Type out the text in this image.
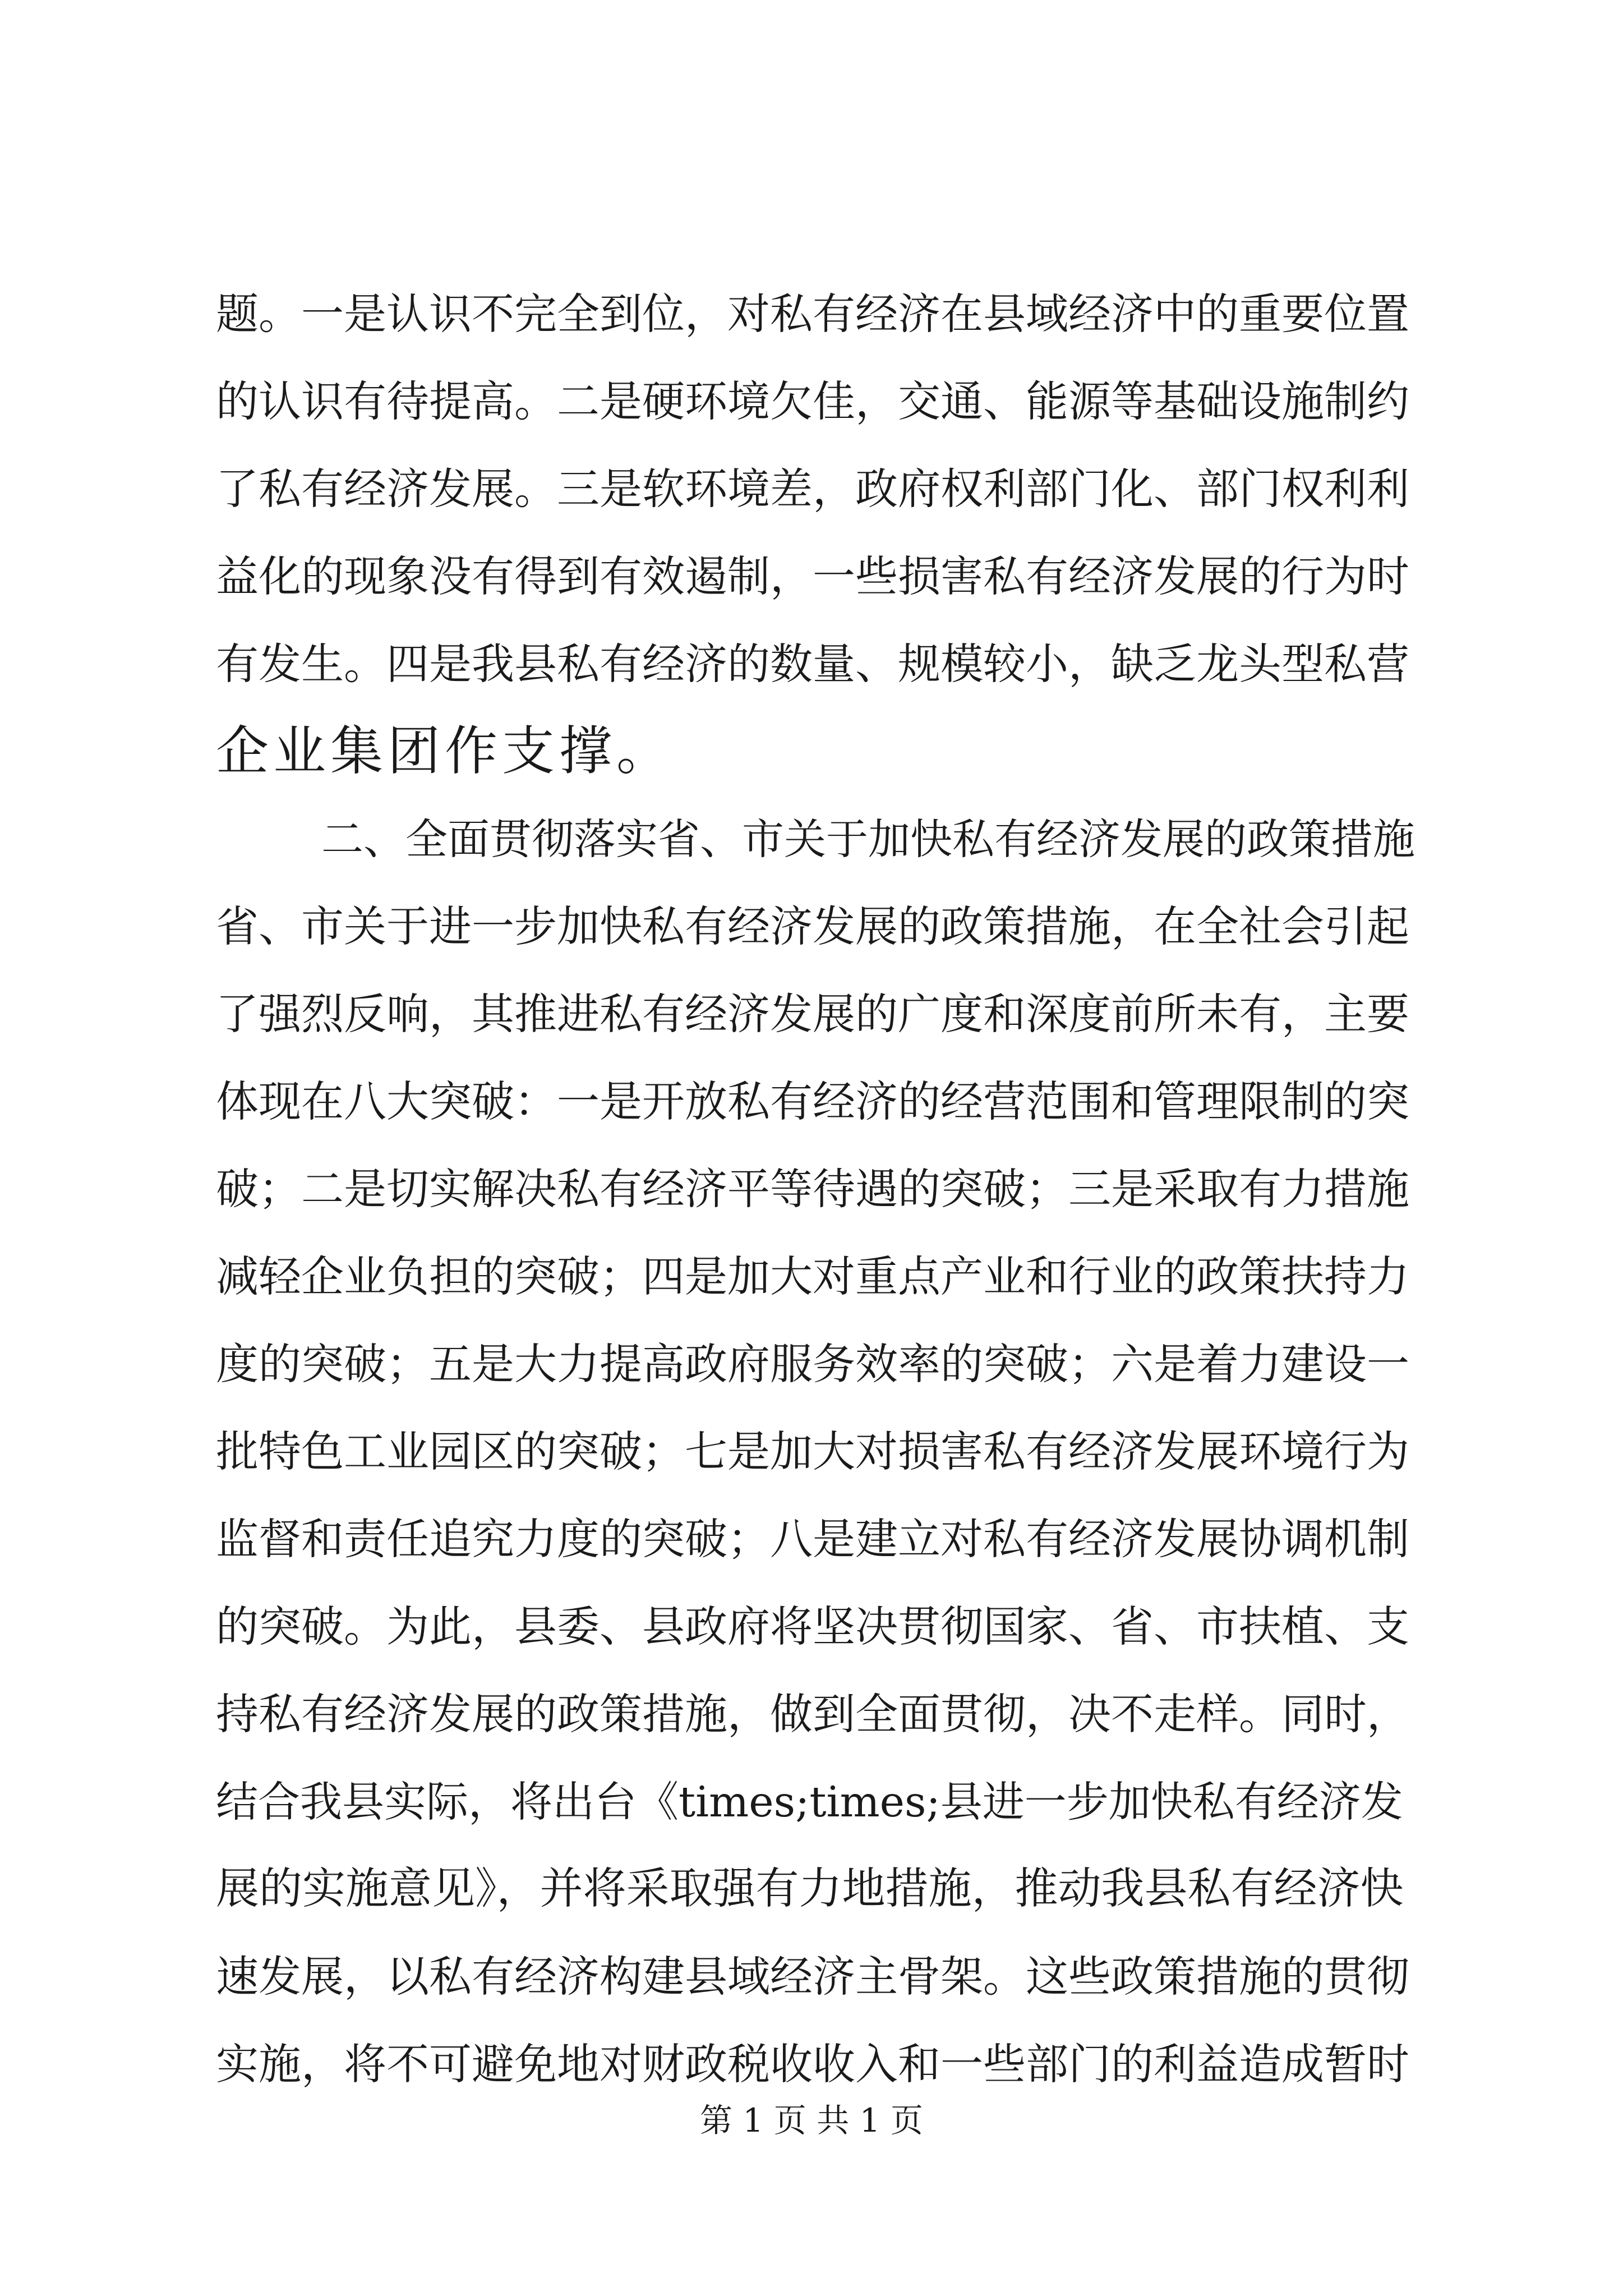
题。一是认识不完全到位，对私有经济在县域经济中的重要位置
的认识有待提高。二是硬环境欠佳，交通、能源等基础设施制约
了私有经济发展。三是软环境差，政府权利部门化、部门权利利
益化的现象没有得到有效遏制，一些损害私有经济发展的行为时
有发生。四是我县私有经济的数量、规模较小，缺乏龙头型私营
企业集团作支撑。
二、全面贯彻落实省、市关于加快私有经济发展的政策措施
省、市关于进一步加快私有经济发展的政策措施，在全社会引起
了强烈反响，其推进私有经济发展的广度和深度前所未有，主要
体现在八大突破：一是开放私有经济的经营范围和管理限制的突
破；二是切实解决私有经济平等待遇的突破；三是采取有力措施
减轻企业负担的突破；四是加大对重点产业和行业的政策扶持力
度的突破；五是大力提高政府服务效率的突破；六是着力建设一
批特色工业园区的突破；七是加大对损害私有经济发展环境行为
监督和责任追究力度的突破；八是建立对私有经济发展协调机制
的突破。为此，县委、县政府将坚决贯彻国家、省、市扶植、支
持私有经济发展的政策措施，做到全面贯彻，决不走样。同时，
结合我县实际，将出台《times;times;县进一步加快私有经济发
展的实施意见》，并将采取强有力地措施，推动我县私有经济快
速发展，以私有经济构建县域经济主骨架。这些政策措施的贯彻
实施，将不可避免地对财政税收收入和一些部门的利益造成暂时
第 1 页 共 1 页
